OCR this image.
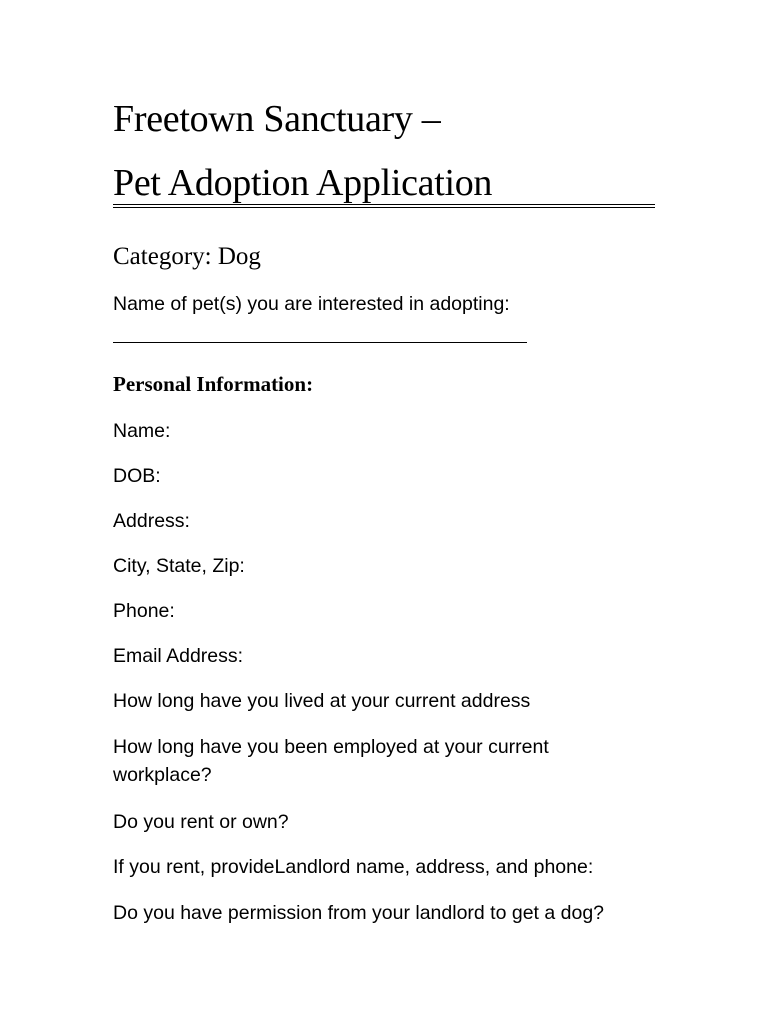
Freetown Sanctuary –
Pet Adoption Application
Category: Dog
Name of pet(s) you are interested in adopting:
Personal Information:
Name:
DOB:
Address:
City, State, Zip:
Phone:
Email Address:
How long have you lived at your current address
How long have you been employed at your current
workplace?
Do you rent or own?
If you rent, provideLandlord name, address, and phone:
Do you have permission from your landlord to get a dog?
